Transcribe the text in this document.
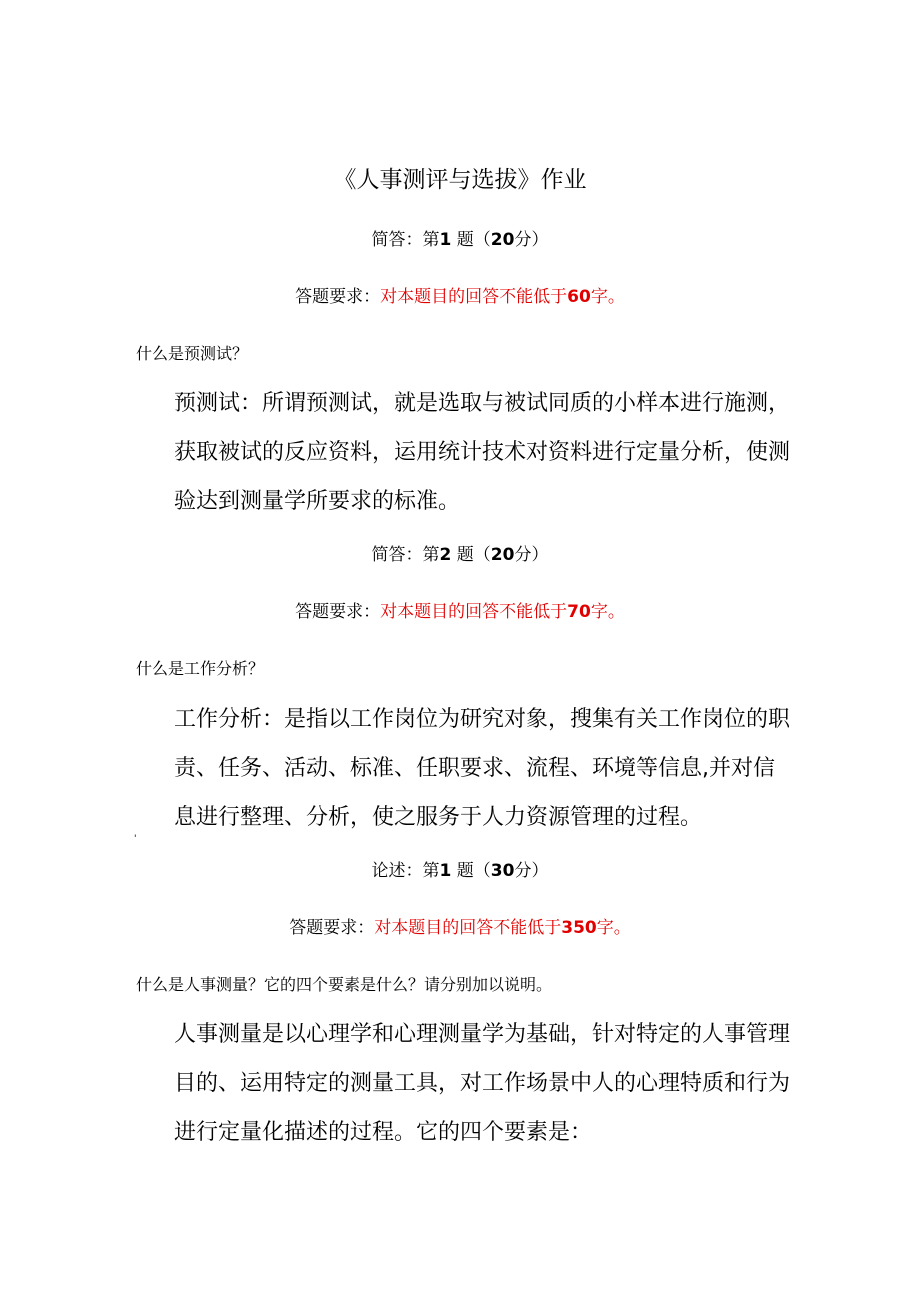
《人事测评与选拔》作业
简答：第1 题（20分）
答题要求：对本题目的回答不能低于60字。
什么是预测试？
预测试：所谓预测试，就是选取与被试同质的小样本进行施测，
获取被试的反应资料，运用统计技术对资料进行定量分析，使测
验达到测量学所要求的标准。
简答：第2 题（20分）
答题要求：对本题目的回答不能低于70字。
什么是工作分析？
工作分析：是指以工作岗位为研究对象，搜集有关工作岗位的职
责、任务、活动、标准、任职要求、流程、环境等信息,并对信
息进行整理、分析，使之服务于人力资源管理的过程。
'
论述：第1 题（30分）
答题要求：对本题目的回答不能低于350字。
什么是人事测量？它的四个要素是什么？请分别加以说明。
人事测量是以心理学和心理测量学为基础，针对特定的人事管理
目的、运用特定的测量工具，对工作场景中人的心理特质和行为
进行定量化描述的过程。它的四个要素是：
